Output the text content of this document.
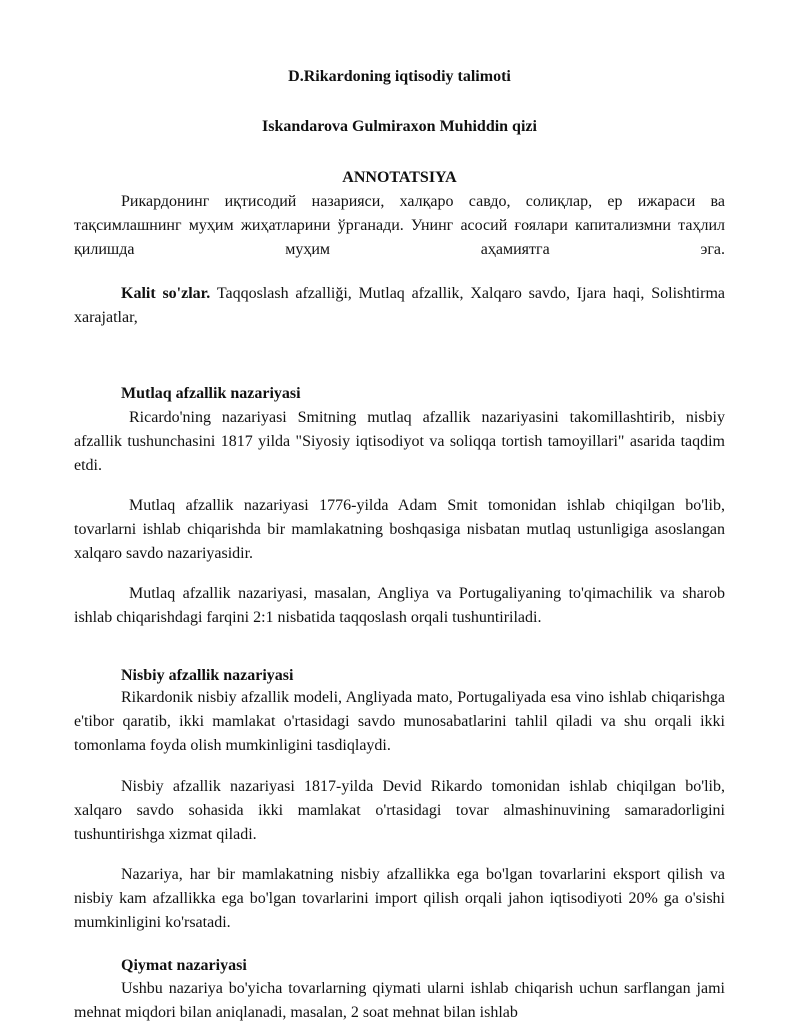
D.Rikardoning iqtisodiy talimoti

Iskandarova Gulmiraxon Muhiddin qizi

ANNOTATSIYA

Рикардонинг иқтисодий назарияси, халқаро савдо, солиқлар, ер ижараси ва тақсимлашнинг муҳим жиҳатларини ўрганади. Унинг асосий ғоялари капитализмни таҳлил қилишда муҳим аҳамиятга эга.

Kalit so'zlar. Taqqoslash afzalliği, Mutlaq afzallik, Xalqaro savdo, Ijara haqi, Solishtirma xarajatlar,

Mutlaq afzallik nazariyasi

Ricardo'ning nazariyasi Smitning mutlaq afzallik nazariyasini takomillashtirib, nisbiy afzallik tushunchasini 1817 yilda "Siyosiy iqtisodiyot va soliqqa tortish tamoyillari" asarida taqdim etdi.

Mutlaq afzallik nazariyasi 1776-yilda Adam Smit tomonidan ishlab chiqilgan bo'lib, tovarlarni ishlab chiqarishda bir mamlakatning boshqasiga nisbatan mutlaq ustunligiga asoslangan xalqaro savdo nazariyasidir.

Mutlaq afzallik nazariyasi, masalan, Angliya va Portugaliyaning to'qimachilik va sharob ishlab chiqarishdagi farqini 2:1 nisbatida taqqoslash orqali tushuntiriladi.

Nisbiy afzallik nazariyasi

Rikardonik nisbiy afzallik modeli, Angliyada mato, Portugaliyada esa vino ishlab chiqarishga e'tibor qaratib, ikki mamlakat o'rtasidagi savdo munosabatlarini tahlil qiladi va shu orqali ikki tomonlama foyda olish mumkinligini tasdiqlaydi.

Nisbiy afzallik nazariyasi 1817-yilda Devid Rikardo tomonidan ishlab chiqilgan bo'lib, xalqaro savdo sohasida ikki mamlakat o'rtasidagi tovar almashinuvining samaradorligini tushuntirishga xizmat qiladi.

Nazariya, har bir mamlakatning nisbiy afzallikka ega bo'lgan tovarlarini eksport qilish va nisbiy kam afzallikka ega bo'lgan tovarlarini import qilish orqali jahon iqtisodiyoti 20% ga o'sishi mumkinligini ko'rsatadi.

Qiymat nazariyasi

Ushbu nazariya bo'yicha tovarlarning qiymati ularni ishlab chiqarish uchun sarflangan jami mehnat miqdori bilan aniqlanadi, masalan, 2 soat mehnat bilan ishlab
